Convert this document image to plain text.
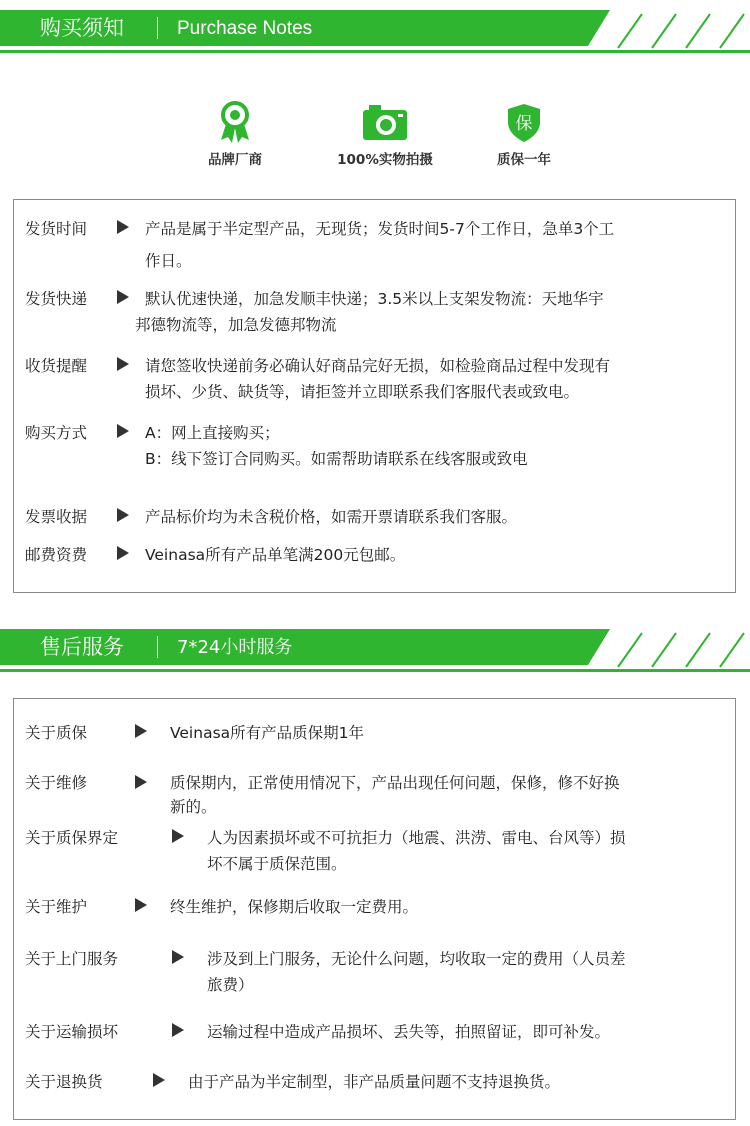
购买须知	Purchase Notes
品牌厂商	100%实物拍摄
保
质保一年
发货时间	产品是属于半定型产品，无现货；发货时间5-7个工作日，急单3个工
作日。
发货快递	默认优速快递，加急发顺丰快递；3.5米以上支架发物流：天地华宇
邦德物流等，加急发德邦物流
收货提醒	请您签收快递前务必确认好商品完好无损，如检验商品过程中发现有
损坏、少货、缺货等，请拒签并立即联系我们客服代表或致电。
购买方式	A：网上直接购买；
B：线下签订合同购买。如需帮助请联系在线客服或致电
发票收据	产品标价均为未含税价格，如需开票请联系我们客服。
邮费资费	Veinasa所有产品单笔满200元包邮。
售后服务	7*24小时服务
关于质保	Veinasa所有产品质保期1年
关于维修	质保期内，正常使用情况下，产品出现任何问题，保修，修不好换
新的。
关于质保界定	人为因素损坏或不可抗拒力（地震、洪涝、雷电、台风等）损
坏不属于质保范围。
关于维护	终生维护，保修期后收取一定费用。
关于上门服务	涉及到上门服务，无论什么问题，均收取一定的费用（人员差
旅费）
关于运输损坏	运输过程中造成产品损坏、丢失等，拍照留证，即可补发。
关于退换货	由于产品为半定制型，非产品质量问题不支持退换货。
